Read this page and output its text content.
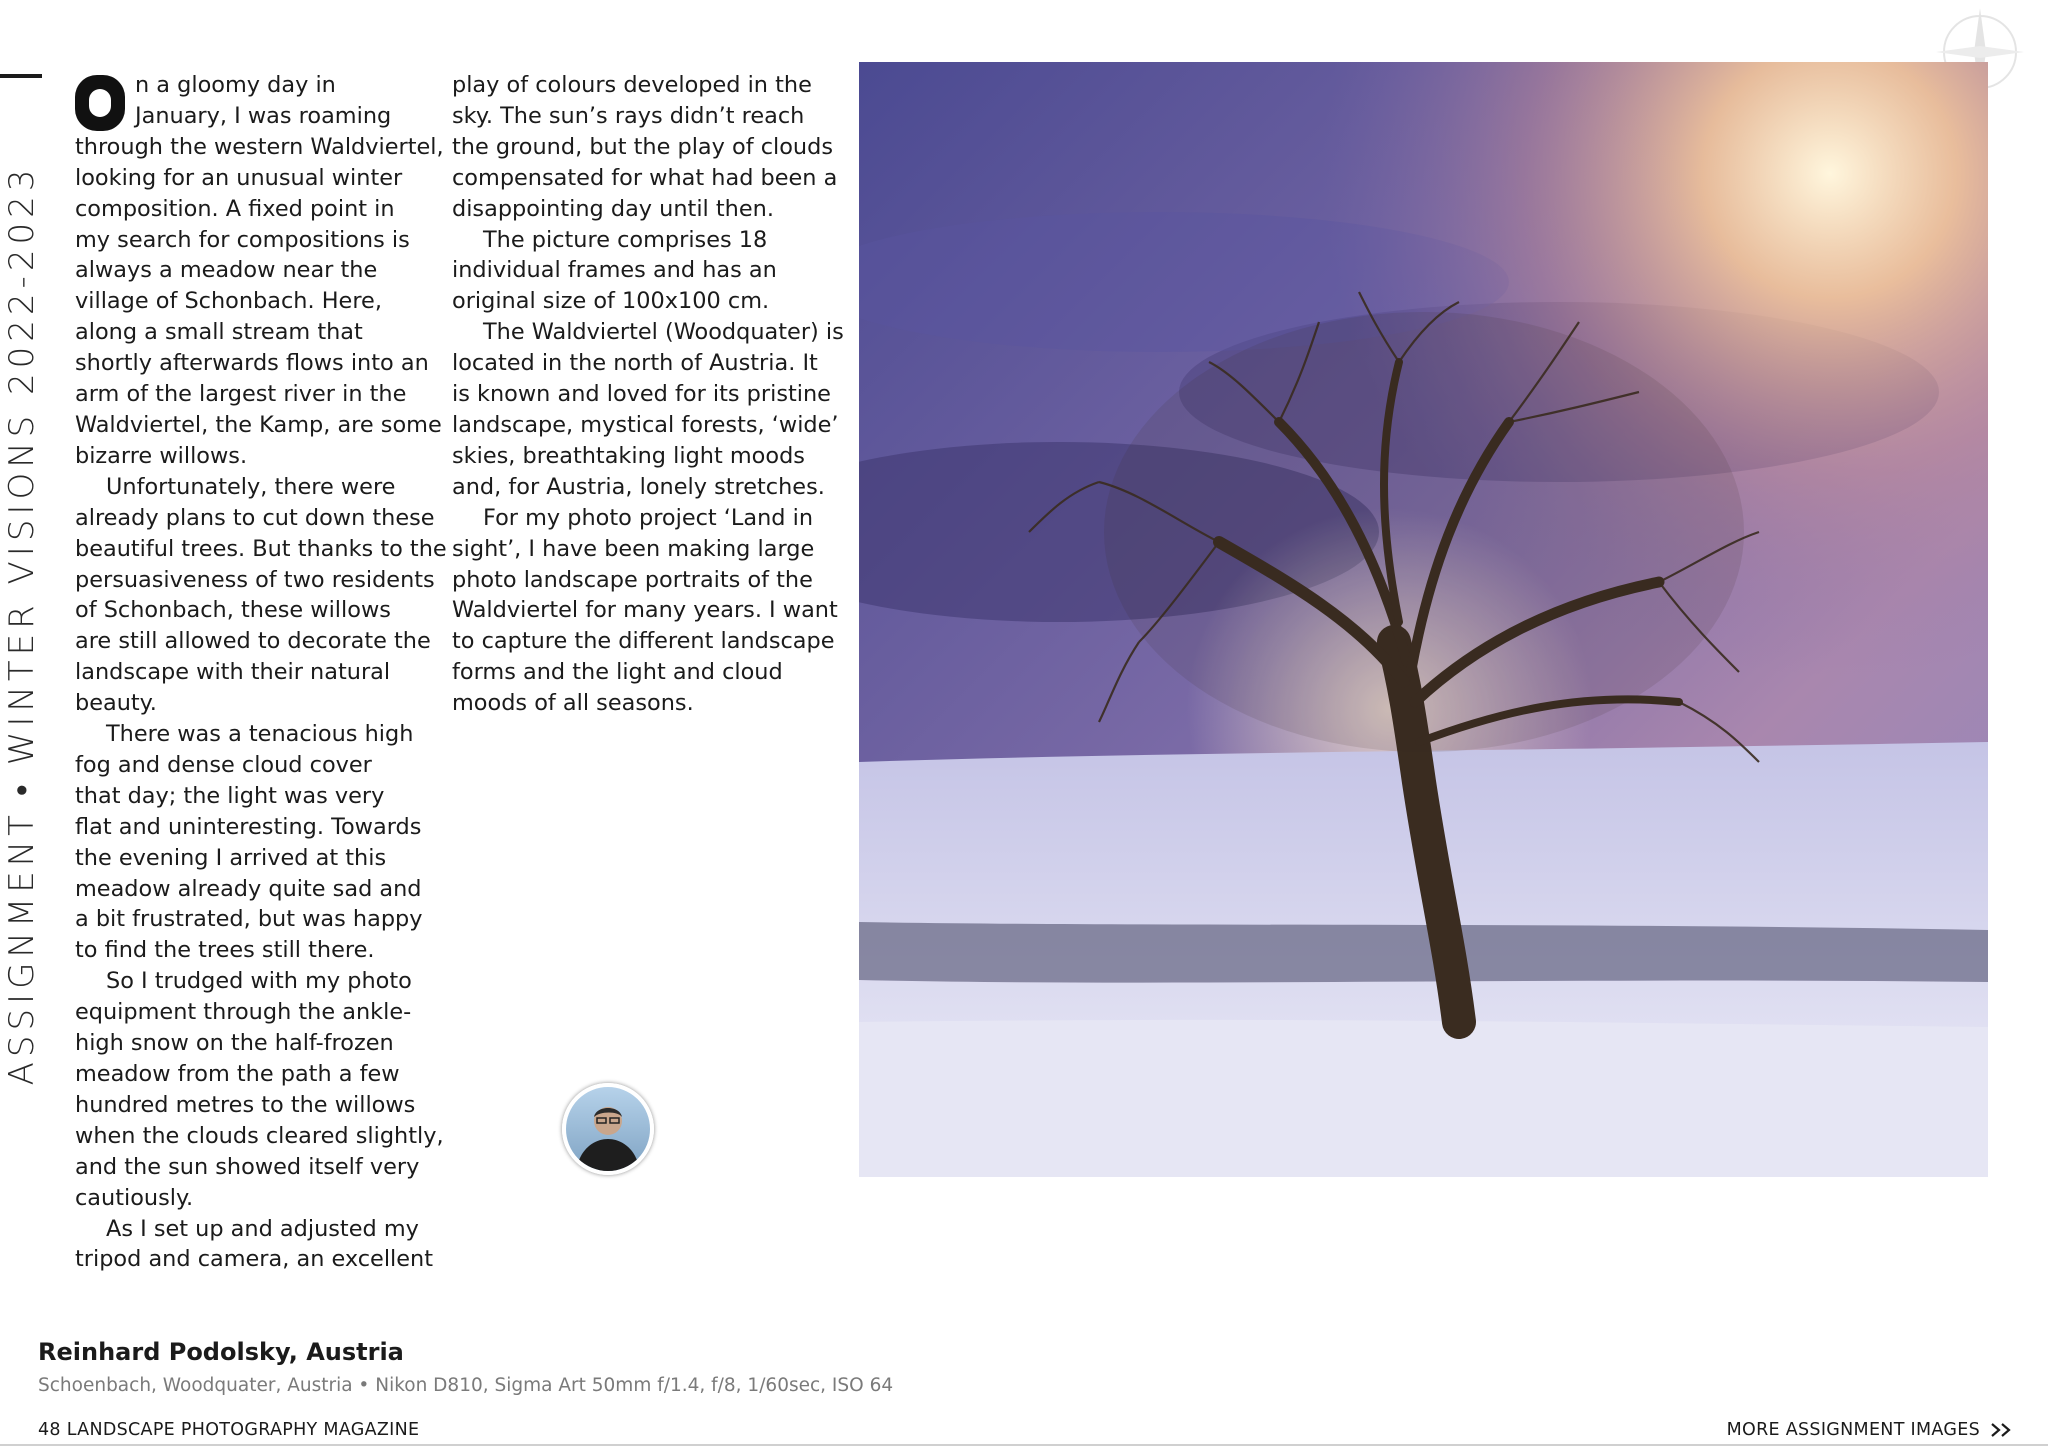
ASSIGNMENT•WINTER VISIONS 2022-2023
n a gloomy day in
January, I was roaming
through the western Waldviertel,
looking for an unusual winter
composition. A fixed point in
my search for compositions is
always a meadow near the
village of Schonbach. Here,
along a small stream that
shortly afterwards flows into an
arm of the largest river in the
Waldviertel, the Kamp, are some
bizarre willows.
Unfortunately, there were
already plans to cut down these
beautiful trees. But thanks to the
persuasiveness of two residents
of Schonbach, these willows
are still allowed to decorate the
landscape with their natural
beauty.
There was a tenacious high
fog and dense cloud cover
that day; the light was very
flat and uninteresting. Towards
the evening I arrived at this
meadow already quite sad and
a bit frustrated, but was happy
to find the trees still there.
So I trudged with my photo
equipment through the ankle-
high snow on the half-frozen
meadow from the path a few
hundred metres to the willows
when the clouds cleared slightly,
and the sun showed itself very
cautiously.
As I set up and adjusted my
tripod and camera, an excellent
play of colours developed in the
sky. The sun’s rays didn’t reach
the ground, but the play of clouds
compensated for what had been a
disappointing day until then.
The picture comprises 18
individual frames and has an
original size of 100x100 cm.
The Waldviertel (Woodquater) is
located in the north of Austria. It
is known and loved for its pristine
landscape, mystical forests, ‘wide’
skies, breathtaking light moods
and, for Austria, lonely stretches.
For my photo project ‘Land in
sight’, I have been making large
photo landscape portraits of the
Waldviertel for many years. I want
to capture the different landscape
forms and the light and cloud
moods of all seasons.
Reinhard Podolsky, Austria
Schoenbach, Woodquater, Austria • Nikon D810, Sigma Art 50mm f/1.4, f/8, 1/60sec, ISO 64
48 LANDSCAPE PHOTOGRAPHY MAGAZINE	MORE ASSIGNMENT IMAGES
